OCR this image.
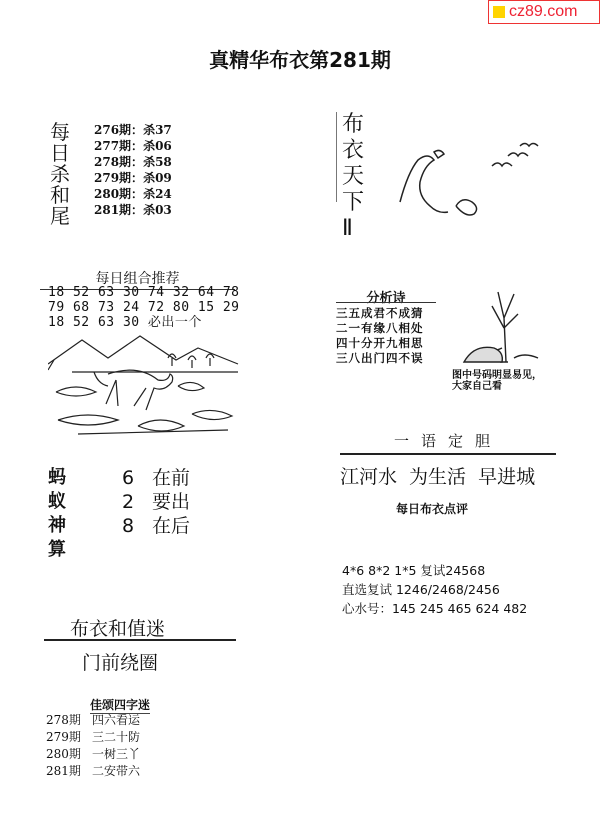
cz89.com
真精华布衣第281期
每
日
杀
和
尾
276期：杀37
277期：杀06
278期：杀58
279期：杀09
280期：杀24
281期：杀03
每日组合推荐
18 52 63 30 74 32 64 78
79 68 73 24 72 80 15 29
18 52 63 30 必出一个
蚂
蚁
神
算
6 在前
2 要出
8 在后
布衣和值迷
门前绕圈
佳颂四字迷
278期 四六看运
279期 三二十防
280期 一树三丫
281期 二安带六
布
衣
天
下
Ⅱ
分析诗
三五成君不成猜
二一有缘八相处
四十分开九相思
三八出门四不误
图中号码明显易见，
大家自己看
一语定胆
江河水 为生活 早进城
每日布衣点评
4*6 8*2 1*5 复试24568
直选复试 1246/2468/2456
心水号：145 245 465 624 482
